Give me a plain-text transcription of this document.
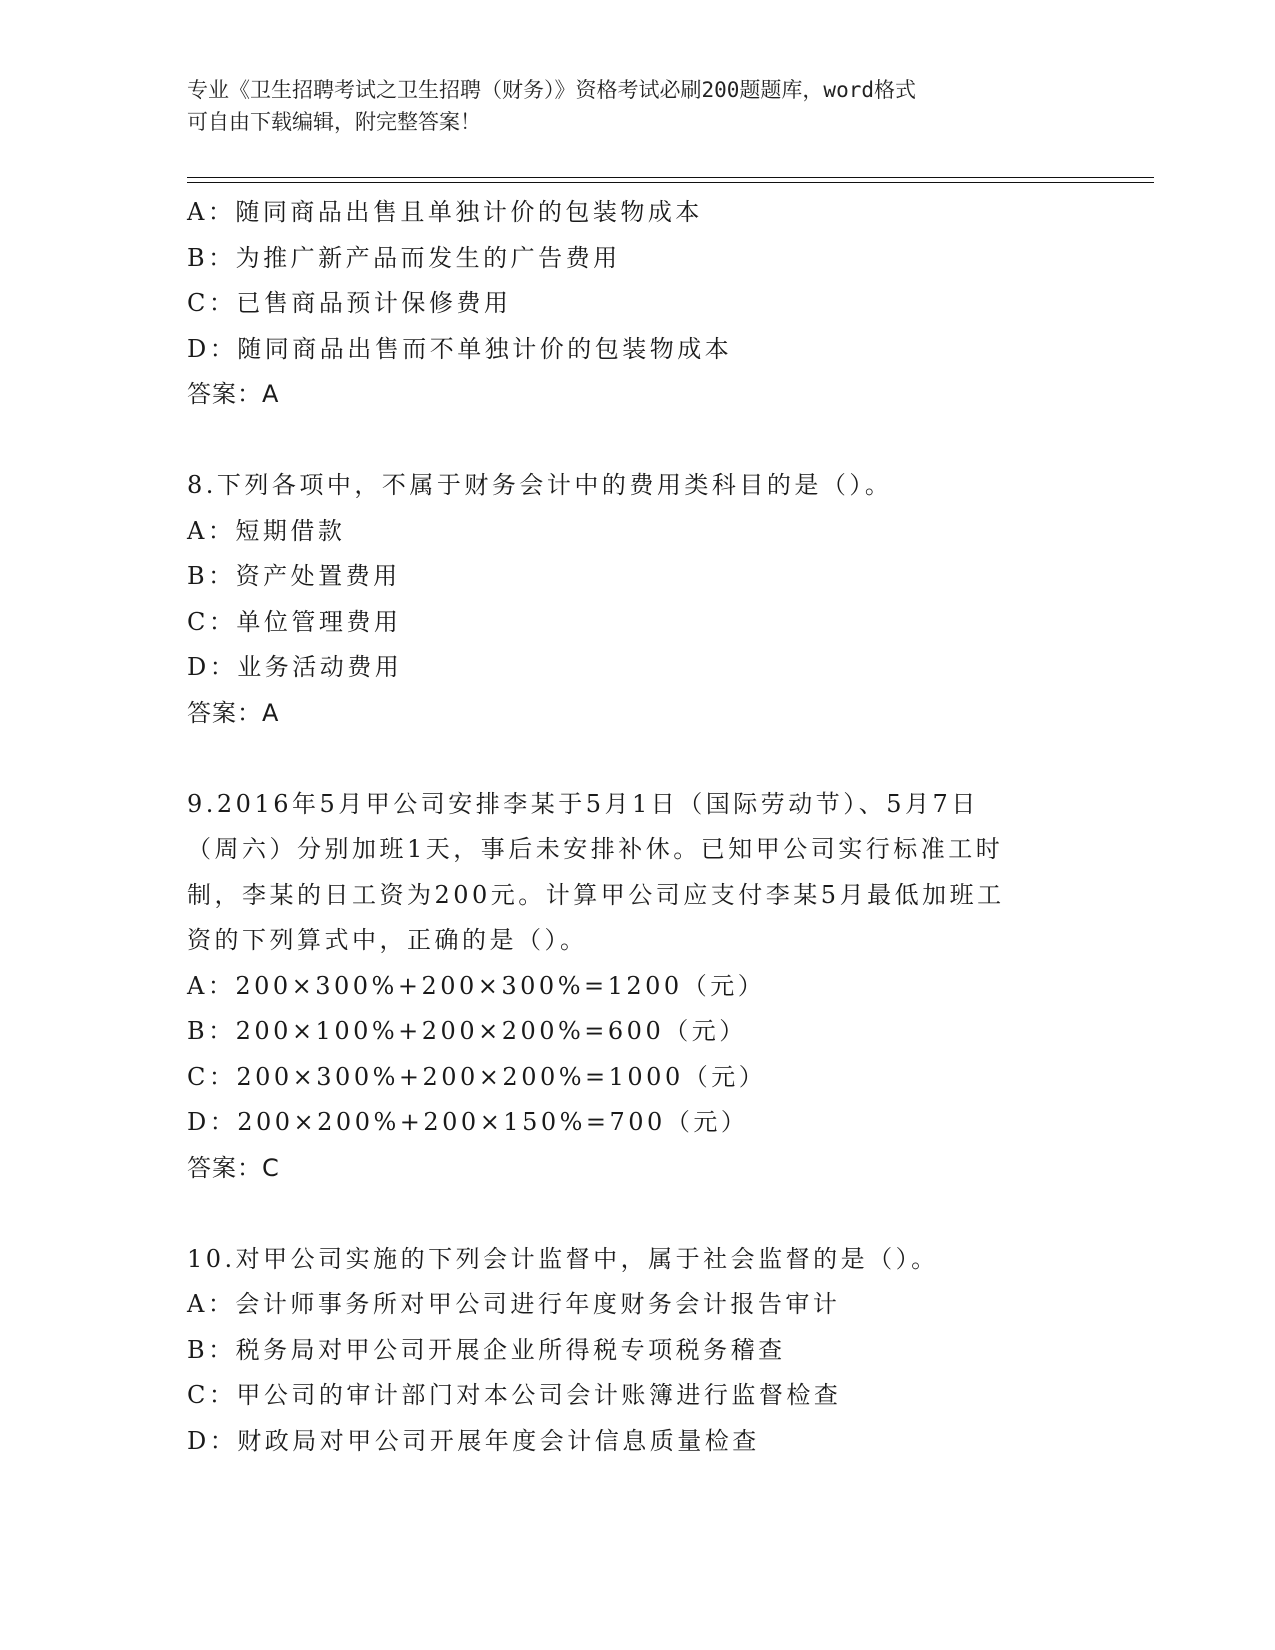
专业《卫生招聘考试之卫生招聘（财务）》资格考试必刷200题题库，word格式
可自由下载编辑，附完整答案！
A：随同商品出售且单独计价的包装物成本
B：为推广新产品而发生的广告费用
C：已售商品预计保修费用
D：随同商品出售而不单独计价的包装物成本
答案：A
8.下列各项中，不属于财务会计中的费用类科目的是（）。
A：短期借款
B：资产处置费用
C：单位管理费用
D：业务活动费用
答案：A
9.2016年5月甲公司安排李某于5月1日（国际劳动节）、5月7日
（周六）分别加班1天，事后未安排补休。已知甲公司实行标准工时
制，李某的日工资为200元。计算甲公司应支付李某5月最低加班工
资的下列算式中，正确的是（）。
A：200×300%+200×300%=1200（元）
B：200×100%+200×200%=600（元）
C：200×300%+200×200%=1000（元）
D：200×200%+200×150%=700（元）
答案：C
10.对甲公司实施的下列会计监督中，属于社会监督的是（）。
A：会计师事务所对甲公司进行年度财务会计报告审计
B：税务局对甲公司开展企业所得税专项税务稽查
C：甲公司的审计部门对本公司会计账簿进行监督检查
D：财政局对甲公司开展年度会计信息质量检查
